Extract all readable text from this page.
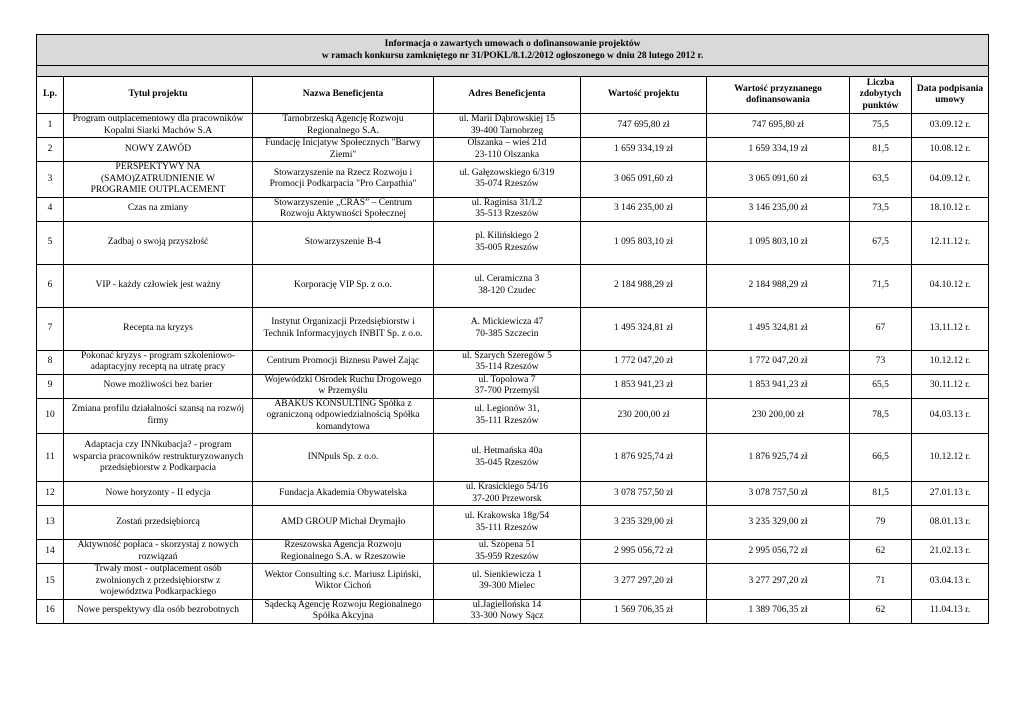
Informacja o zawartych umowach o dofinansowanie projektów
w ramach konkursu zamkniętego nr 31/POKL/8.1.2/2012 ogłoszonego w dniu 28 lutego 2012 r.							

Lp.	Tytuł projektu	Nazwa Beneficjenta	Adres Beneficjenta	Wartość projektu	Wartość przyznanego
dofinansowania	Liczba
zdobytych
punktów	Data podpisania
umowy

1	Program outplacementowy dla pracowników
Kopalni Siarki Machów S.A	Tarnobrzeską Agencję Rozwoju
Regionalnego S.A.	ul. Marii Dąbrowskiej 15
39-400 Tarnobrzeg	747 695,80 zł	747 695,80 zł	75,5	03.09.12 r.
2	NOWY ZAWÓD	Fundację Inicjatyw Społecznych "Barwy
Ziemi"	Olszanka – wieś 21d
23-110 Olszanka	1 659 334,19 zł	1 659 334,19 zł	81,5	10.08.12 r.
3	PERSPEKTYWY NA
(SAMO)ZATRUDNIENIE W
PROGRAMIE OUTPLACEMENT	Stowarzyszenie na Rzecz Rozwoju i
Promocji Podkarpacia "Pro Carpathia"	ul. Gałęzowskiego 6/319
35-074 Rzeszów	3 065 091,60 zł	3 065 091,60 zł	63,5	04.09.12 r.
4	Czas na zmiany	Stowarzyszenie „CRAS” – Centrum
Rozwoju Aktywności Społecznej	ul. Raginisa 31/L2
35-513 Rzeszów	3 146 235,00 zł	3 146 235,00 zł	73,5	18.10.12 r.
5	Zadbaj o swoją przyszłość	Stowarzyszenie B-4	pl. Kilińskiego 2
35-005 Rzeszów	1 095 803,10 zł	1 095 803,10 zł	67,5	12.11.12 r.
6	VIP - każdy człowiek jest ważny	Korporację VIP Sp. z o.o.	ul. Ceramiczna 3
38-120 Czudec	2 184 988,29 zł	2 184 988,29 zł	71,5	04.10.12 r.
7	Recepta na kryzys	Instytut Organizacji Przedsiębiorstw i
Technik Informacyjnych INBIT Sp. z o.o.	A. Mickiewicza 47
70-385 Szczecin	1 495 324,81 zł	1 495 324,81 zł	67	13.11.12 r.
8	Pokonać kryzys - program szkoleniowo-
adaptacyjny receptą na utratę pracy	Centrum Promocji Biznesu Paweł Zając	ul. Szarych Szeregów 5
35-114 Rzeszów	1 772 047,20 zł	1 772 047,20 zł	73	10.12.12 r.
9	Nowe możliwości bez barier	Wojewódzki Ośrodek Ruchu Drogowego
w Przemyślu	ul. Topolowa 7
37-700 Przemyśl	1 853 941,23 zł	1 853 941,23 zł	65,5	30.11.12 r.
10	Zmiana profilu działalności szansą na rozwój
firmy	ABAKUS KONSULTING Spółka z
ograniczoną odpowiedzialnością Spółka
komandytowa	ul. Legionów 31,
35-111 Rzeszów	230 200,00 zł	230 200,00 zł	78,5	04.03.13 r.
11	Adaptacja czy INNkubacja? - program
wsparcia pracowników restrukturyzowanych
przedsiębiorstw z Podkarpacia	INNpuls Sp. z o.o.	ul. Hetmańska 40a
35-045 Rzeszów	1 876 925,74 zł	1 876 925,74 zł	66,5	10.12.12 r.
12	Nowe horyzonty - II edycja	Fundacja Akademia Obywatelska	ul. Krasickiego 54/16
37-200 Przeworsk	3 078 757,50 zł	3 078 757,50 zł	81,5	27.01.13 r.
13	Zostań przedsiębiorcą	AMD GROUP Michał Drymajło	ul. Krakowska 18g/54
35-111 Rzeszów	3 235 329,00 zł	3 235 329,00 zł	79	08.01.13 r.
14	Aktywność popłaca - skorzystaj z nowych
rozwiązań	Rzeszowska Agencja Rozwoju
Regionalnego S.A. w Rzeszowie	ul. Szopena 51
35-959 Rzeszów	2 995 056,72 zł	2 995 056,72 zł	62	21.02.13 r.
15	Trwały most - outplacement osób
zwolnionych z przedsiębiorstw z
województwa Podkarpackiego	Wektor Consulting s.c. Mariusz Lipiński,
Wiktor Cichoń	ul. Sienkiewicza 1
39-300 Mielec	3 277 297,20 zł	3 277 297,20 zł	71	03.04.13 r.
16	Nowe perspektywy dla osób bezrobotnych	Sądecką Agencję Rozwoju Regionalnego
Spółka Akcyjna	ul.Jagiellońska 14
33-300 Nowy Sącz	1 569 706,35 zł	1 389 706,35 zł	62	11.04.13 r.
